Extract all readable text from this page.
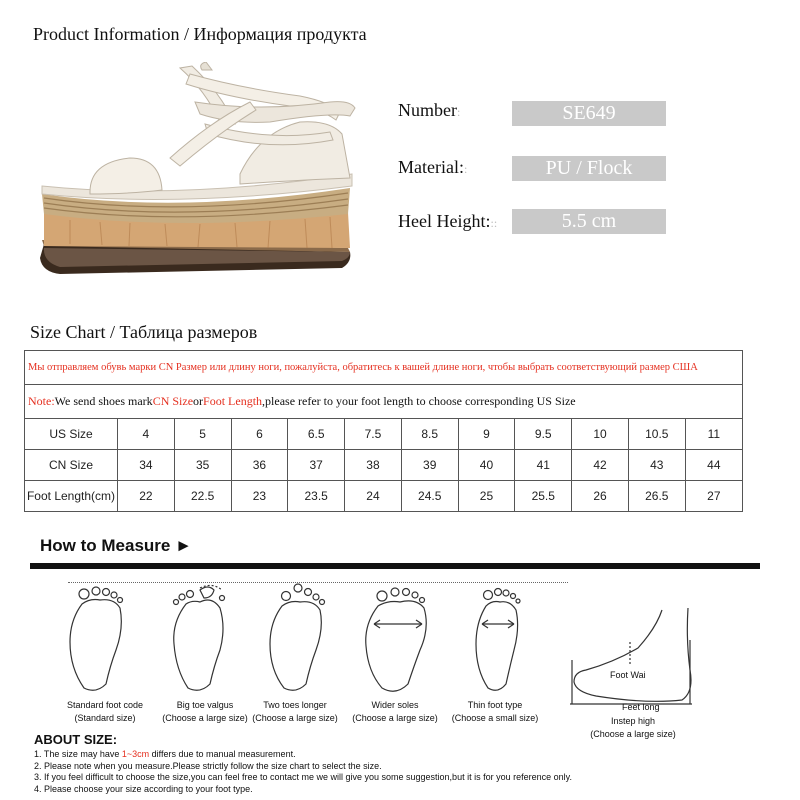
Product Information / Информация продукта
Number:	SE649
Material::	PU / Flock
Heel Height:::	5.5 cm
Size Chart / Таблица размеров
Мы отправляем обувь марки CN Размер или длину ноги, пожалуйста, обратитесь к вашей длине ноги, чтобы выбрать соответствующий размер США
Note: We send shoes mark CN Size or Foot Length ,please refer to your foot length to choose corresponding US Size
US Size	4	5	6	6.5	7.5	8.5	9	9.5	10	10.5	11
CN Size	34	35	36	37	38	39	40	41	42	43	44
Foot Length(cm)	22	22.5	23	23.5	24	24.5	25	25.5	26	26.5	27
How to Measure ►
Standard foot code
(Standard size)
Big toe valgus
(Choose a large size)
Two toes longer
(Choose a large size)
Wider soles
(Choose a large size)
Thin foot type
(Choose a small size)
Foot Wai
Feet long
Instep high
(Choose a large size)
ABOUT SIZE:
1. The size may have 1~3cm differs due to manual measurement.
2. Please note when you measure.Please strictly follow the size chart to select the size.
3. If you feel difficult to choose the size,you can feel free to contact me we will give you some suggestion,but it is for you reference only.
4. Please choose your size according to your foot type.
